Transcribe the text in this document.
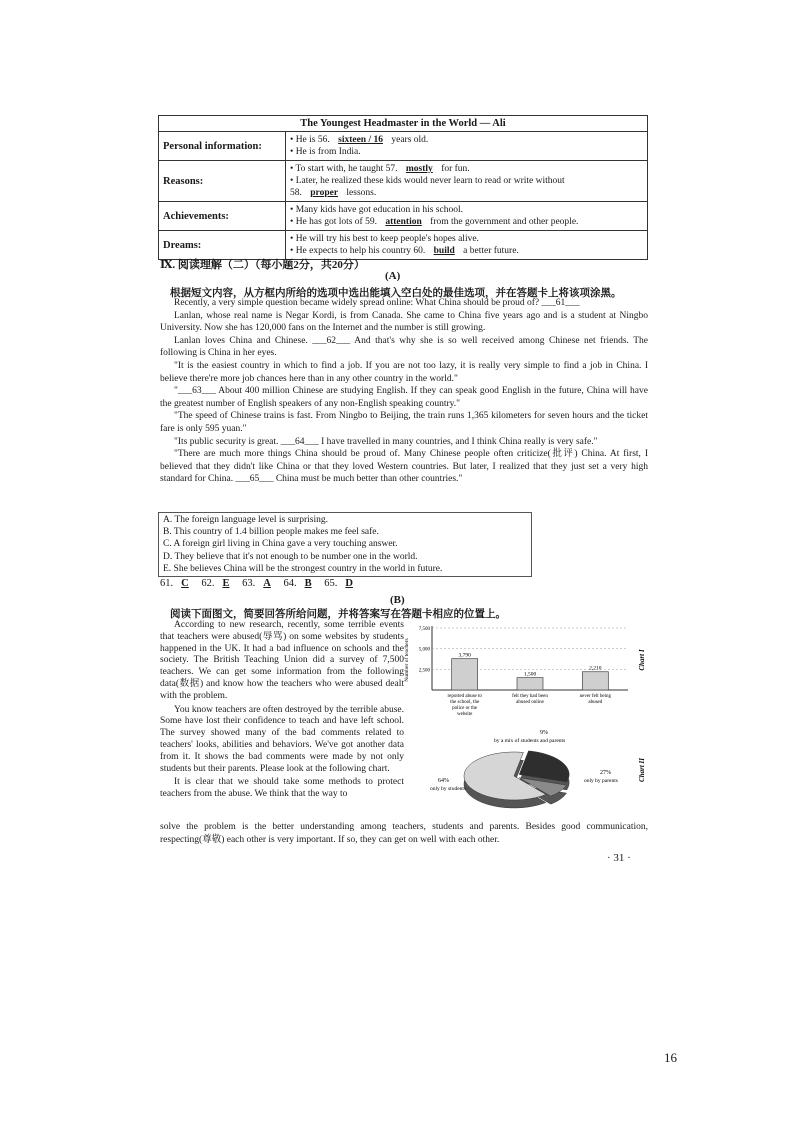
The Youngest Headmaster in the World — Ali	
Personal information:	• He is 56. sixteen / 16 years old.
• He is from India.

Reasons:	• To start with, he taught 57. mostly for fun.
• Later, he realized these kids would never learn to read or write without
58. proper lessons.

Achievements:	• Many kids have got education in his school.
• He has got lots of 59. attention from the government and other people.

Dreams:	• He will try his best to keep people's hopes alive.
• He expects to help his country 60. build a better future.
Ⅸ. 阅读理解（二）（每小题2分，共20分）
(A)
根据短文内容，从方框内所给的选项中选出能填入空白处的最佳选项，并在答题卡上将该项涂黑。
Recently, a very simple question became widely spread online: What China should be proud of? ___61___
Lanlan, whose real name is Negar Kordi, is from Canada. She came to China five years ago and is a student at Ningbo University. Now she has 120,000 fans on the Internet and the number is still growing.
Lanlan loves China and Chinese. ___62___ And that's why she is so well received among Chinese net friends. The following is China in her eyes.
"It is the easiest country in which to find a job. If you are not too lazy, it is really very simple to find a job in China. I believe there're more job chances here than in any other country in the world."
"___63___ About 400 million Chinese are studying English. If they can speak good English in the future, China will have the greatest number of English speakers of any non-English speaking country."
"The speed of Chinese trains is fast. From Ningbo to Beijing, the train runs 1,365 kilometers for seven hours and the ticket fare is only 595 yuan."
"Its public security is great. ___64___ I have travelled in many countries, and I think China really is very safe."
"There are much more things China should be proud of. Many Chinese people often criticize(批评) China. At first, I believed that they didn't like China or that they loved Western countries. But later, I realized that they just set a very high standard for China. ___65___ China must be much better than other countries."
A. The foreign language level is surprising.
B. This country of 1.4 billion people makes me feel safe.
C. A foreign girl living in China gave a very touching answer.
D. They believe that it's not enough to be number one in the world.
E. She believes China will be the strongest country in the world in future.
61. C 62. E 63. A 64. B 65. D
(B)
阅读下面图文，简要回答所给问题，并将答案写在答题卡相应的位置上。
According to new research, recently, some terrible events that teachers were abused(辱骂) on some websites by students happened in the UK. It had a bad influence on schools and the society. The British Teaching Union did a survey of 7,500 teachers. We can get some information from the following data(数据) and know how the teachers who were abused dealt with the problem.
You know teachers are often destroyed by the terrible abuse. Some have lost their confidence to teach and have left school. The survey showed many of the bad comments related to teachers' looks, abilities and behaviors. We've got another data from it. It shows the bad comments were made by not only students but their parents. Please look at the following chart.
It is clear that we should take some methods to protect teachers from the abuse. We think that the way to
solve the problem is the better understanding among teachers, students and parents. Besides good communication, respecting(尊敬) each other is very important. If so, they can get on well with each other.
Number of teachers 2,500
5,000
7,500
3,790
reported abuse to the school, the police or the website
1,500
felt they had been abused online
2,210
never felt being abused
Chart I
64%
only by students
27%
only by parents
9%
by a mix of students and parents
Chart II
· 31 ·
16
